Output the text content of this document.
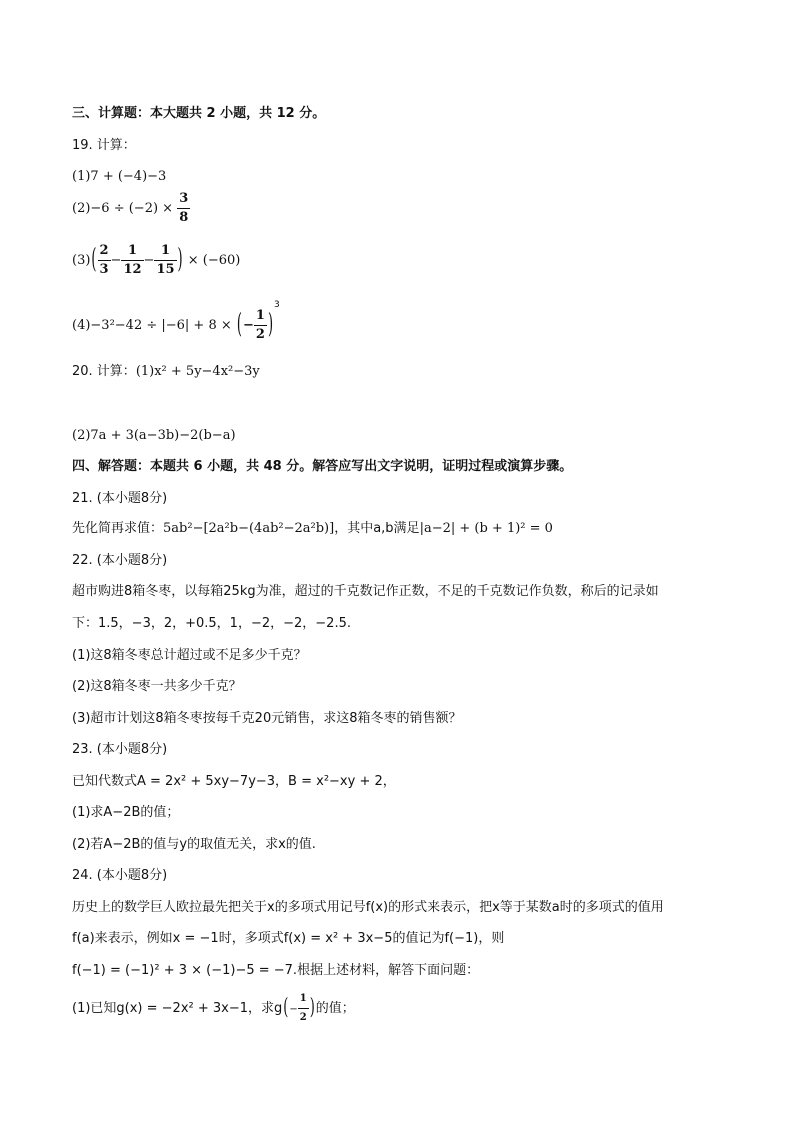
三、计算题：本大题共 2 小题，共 12 分。
19. 计算：
(1)7 + (−4)−3
$(2)-6 \div (-2) \times \frac{3}{8}$
$(3)( \frac{2}{3} - \frac{1}{12} - \frac{1}{15}$ ) × (−60)
(4)−3²−42 ÷ |−6| + 8 × (− $\frac{1}{2} )^3$
20. 计算：(1)x² + 5y−4x²−3y
(2)7a + 3(a−3b)−2(b−a)
四、解答题：本题共 6 小题，共 48 分。解答应写出文字说明，证明过程或演算步骤。
21. (本小题8分)
先化简再求值：5ab²−[2a²b−(4ab²−2a²b)]，其中a,b满足|a−2| + (b + 1)² = 0
22. (本小题8分)
超市购进8箱冬枣，以每箱25kg为准，超过的千克数记作正数，不足的千克数记作负数，称后的记录如
下：1.5，−3，2，+0.5，1，−2，−2，−2.5.
(1)这8箱冬枣总计超过或不足多少千克？
(2)这8箱冬枣一共多少千克？
(3)超市计划这8箱冬枣按每千克20元销售，求这8箱冬枣的销售额？
23. (本小题8分)
已知代数式A = 2x² + 5xy−7y−3，B = x²−xy + 2，
(1)求A−2B的值；
(2)若A−2B的值与y的取值无关，求x的值.
24. (本小题8分)
历史上的数学巨人欧拉最先把关于x的多项式用记号f(x)的形式来表示，把x等于某数a时的多项式的值用
f(a)来表示，例如x = −1时，多项式f(x) = x² + 3x−5的值记为f(−1)，则
f(−1) = (−1)² + 3 × (−1)−5 = −7.根据上述材料，解答下面问题：
(1)已知g(x) = −2x² + 3x−1，求$g(- \frac{1}{2}$ )的值；
